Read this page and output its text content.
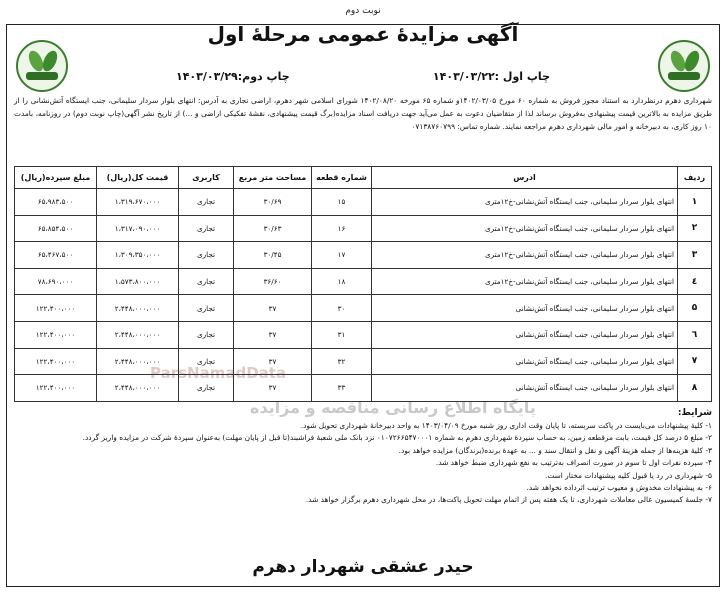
نوبت دوم
آگهی مزایدۀ عمومی مرحلۀ اول
چاپ اول :۱۴۰۳/۰۳/۲۲
چاپ دوم:۱۴۰۳/۰۳/۲۹

شهرداری دهرم درنظردارد به استناد مجوز فروش به شماره ۶۰ مورخ ۱۴۰۲/۰۳/۰۵و شماره ۶۵ مورخه ۱۴۰۲/۰۸/۲۰ شورای اسلامی شهر دهرم، اراضی تجاری به آدرس: انتهای بلوار سردار سلیمانی، جنب ایستگاه آتش‌نشانی را از طریق مزایده به بالاترین قیمت پیشنهادی به‌فروش برساند لذا از متقاضیان دعوت به عمل می‌آید جهت دریافت اسناد مزایده(برگ قیمت پیشنهادی، نقشۀ تفکیکی اراضی و ...) از تاریخ نشر آگهی(چاپ نوبت دوم) در روزنامه، بامدت ۱۰ روز کاری، به دبیرخانه و امور مالی شهرداری دهرم مراجعه نمایند. شماره تماس: ۰۷۱۳۸۷۶۰۷۹۹

ParsNamadData
پایگاه اطلاع رسانی مناقصه و مزایده
ردیف	ادرس	شماره قطعه	مساحت متر مربع	کاربری	قیمت کل(ریال)	مبلغ سپرده(ریال)
۱	انتهای بلوار سردار سلیمانی، جنب ایستگاه آتش‌نشانی-خ۱۲متری	۱۵	۳۰/۶۹	تجاری	۱،۳۱۹،۶۷۰،۰۰۰	۶۵،۹۸۳،۵۰۰
۲	انتهای بلوار سردار سلیمانی، جنب ایستگاه آتش‌نشانی-خ۱۲متری	۱۶	۳۰/۶۳	تجاری	۱،۳۱۷،۰۹۰،۰۰۰	۶۵،۸۵۴،۵۰۰
۳	انتهای بلوار سردار سلیمانی، جنب ایستگاه آتش‌نشانی-خ۱۲متری	۱۷	۳۰/۴۵	تجاری	۱،۳۰۹،۳۵۰،۰۰۰	۶۵،۴۶۷،۵۰۰
٤	انتهای بلوار سردار سلیمانی، جنب ایستگاه آتش‌نشانی-خ۱۲متری	۱۸	۳۶/۶۰	تجاری	۱،۵۷۳،۸۰۰،۰۰۰	۷۸،۶۹۰،۰۰۰
۵	انتهای بلوار سردار سلیمانی، جنب ایستگاه آتش‌نشانی	۳۰	۳۷	تجاری	۲،۴۴۸،۰۰۰،۰۰۰	۱۲۲،۴۰۰،۰۰۰
٦	انتهای بلوار سردار سلیمانی، جنب ایستگاه آتش‌نشانی	۳۱	۳۷	تجاری	۲،۴۴۸،۰۰۰،۰۰۰	۱۲۲،۴۰۰،۰۰۰
۷	انتهای بلوار سردار سلیمانی، جنب ایستگاه آتش‌نشانی	۳۲	۳۷	تجاری	۲،۴۴۸،۰۰۰،۰۰۰	۱۲۲،۴۰۰،۰۰۰
۸	انتهای بلوار سردار سلیمانی، جنب ایستگاه آتش‌نشانی	۳۳	۳۷	تجاری	۲،۴۴۸،۰۰۰،۰۰۰	۱۲۲،۴۰۰،۰۰۰
شرایط:
۱- کلیۀ پیشنهادات می‌بایست در پاکت سربسته، تا پایان وقت اداری روز شنبه مورخ ۱۴۰۳/۰۴/۰۹ به واحد دبیرخانۀ شهرداری تحویل شود.
۲- مبلغ ۵ درصد کل قیمت، بابت مرقطعه زمین، به حساب سپردۀ شهرداری دهرم به شماره ۰۱۰۷۲۶۶۵۴۷۰۰۰۱ نزد بانک ملی شعبۀ فراشبند(تا قبل از پایان مهلت) به‌عنوان سپردۀ شرکت در مزایده واریز گردد.
۳- کلیۀ هزینه‌ها از جمله هزینۀ آگهی و نقل و انتقال سند و ... به عهدۀ برنده(برندگان) مزایده خواهد بود.
۴- سپرده نفرات اول تا سوم در صورت انصراف به‌ترتیب به نفع شهرداری ضبط خواهد شد.
۵- شهرداری در رد یا قبول کلیه پیشنهادات مختار است.
۶- به پیشنهادات مخدوش و معیوب ترتیب اثرداده نخواهد شد.
۷- جلسۀ کمیسیون عالی معاملات شهرداری، تا یک هفته پس از اتمام مهلت تحویل پاکت‌ها، در محل شهرداری دهرم برگزار خواهد شد.
حیدر عشقی شهردار دهرم
